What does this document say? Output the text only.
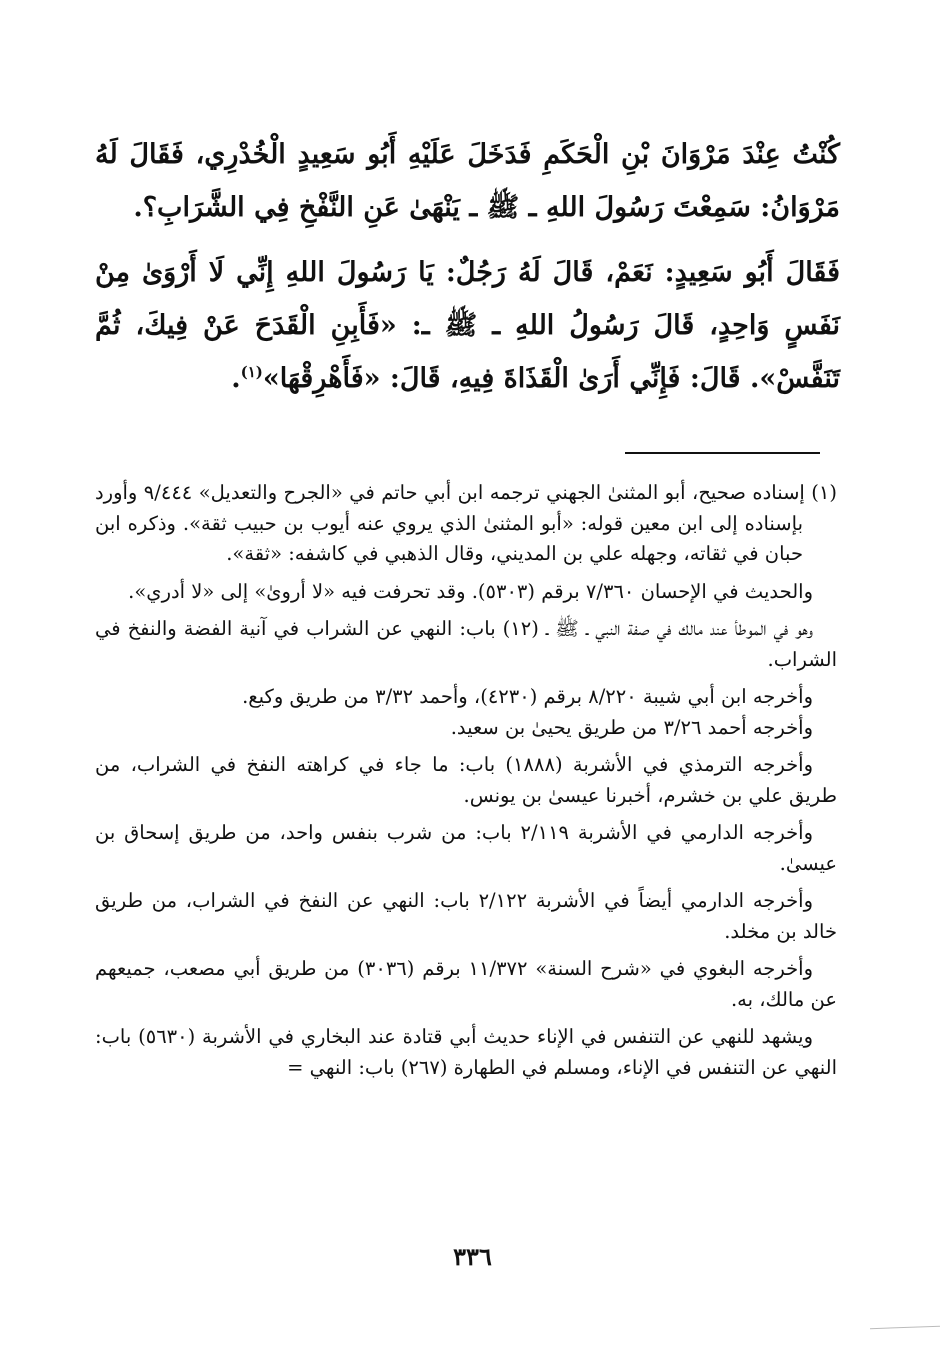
كُنْتُ عِنْدَ مَرْوَانَ بْنِ الْحَكَمِ فَدَخَلَ عَلَيْهِ أَبُو سَعِيدٍ الْخُدْرِي، فَقَالَ لَهُ مَرْوَانُ: سَمِعْتَ رَسُولَ اللهِ ـ ﷺ ـ يَنْهَىٰ عَنِ النَّفْخِ فِي الشَّرَابِ؟.

فَقَالَ أَبُو سَعِيدٍ: نَعَمْ، قَالَ لَهُ رَجُلٌ: يَا رَسُولَ اللهِ إِنِّي لَا أَرْوَىٰ مِنْ نَفَسٍ وَاحِدٍ، قَالَ رَسُولُ اللهِ ـ ﷺ ـ: «فَأَبِنِ الْقَدَحَ عَنْ فِيكَ، ثُمَّ تَنَفَّسْ». قَالَ: فَإِنِّي أَرَىٰ الْقَذَاةَ فِيهِ، قَالَ: «فَأَهْرِقْهَا»$^{(١)}$.

(١) إسناده صحيح، أبو المثنىٰ الجهني ترجمه ابن أبي حاتم في «الجرح والتعديل» ٩/٤٤٤ وأورد بإسناده إلى ابن معين قوله: «أبو المثنىٰ الذي يروي عنه أيوب بن حبيب ثقة». وذكره ابن حبان في ثقاته، وجهله علي بن المديني، وقال الذهبي في كاشفه: «ثقة».

والحديث في الإحسان ٧/٣٦٠ برقم (٥٣٠٣). وقد تحرفت فيه «لا أروىٰ» إلى «لا أدري».

وهو في الموطأ عند مالك في صفة النبي ـ ﷺ ـ (١٢) باب: النهي عن الشراب في آنية الفضة والنفخ في الشراب.

وأخرجه ابن أبي شيبة ٨/٢٢٠ برقم (٤٢٣٠)، وأحمد ٣/٣٢ من طريق وكيع.

وأخرجه أحمد ٣/٢٦ من طريق يحيىٰ بن سعيد.

وأخرجه الترمذي في الأشربة (١٨٨٨) باب: ما جاء في كراهته النفخ في الشراب، من طريق علي بن خشرم، أخبرنا عيسىٰ بن يونس.

وأخرجه الدارمي في الأشربة ٢/١١٩ باب: من شرب بنفس واحد، من طريق إسحاق بن عيسىٰ.

وأخرجه الدارمي أيضاً في الأشربة ٢/١٢٢ باب: النهي عن النفخ في الشراب، من طريق خالد بن مخلد.

وأخرجه البغوي في «شرح السنة» ١١/٣٧٢ برقم (٣٠٣٦) من طريق أبي مصعب، جميعهم عن مالك، به.

ويشهد للنهي عن التنفس في الإناء حديث أبي قتادة عند البخاري في الأشربة (٥٦٣٠) باب: النهي عن التنفس في الإناء، ومسلم في الطهارة (٢٦٧) باب: النهي =

٣٣٦
